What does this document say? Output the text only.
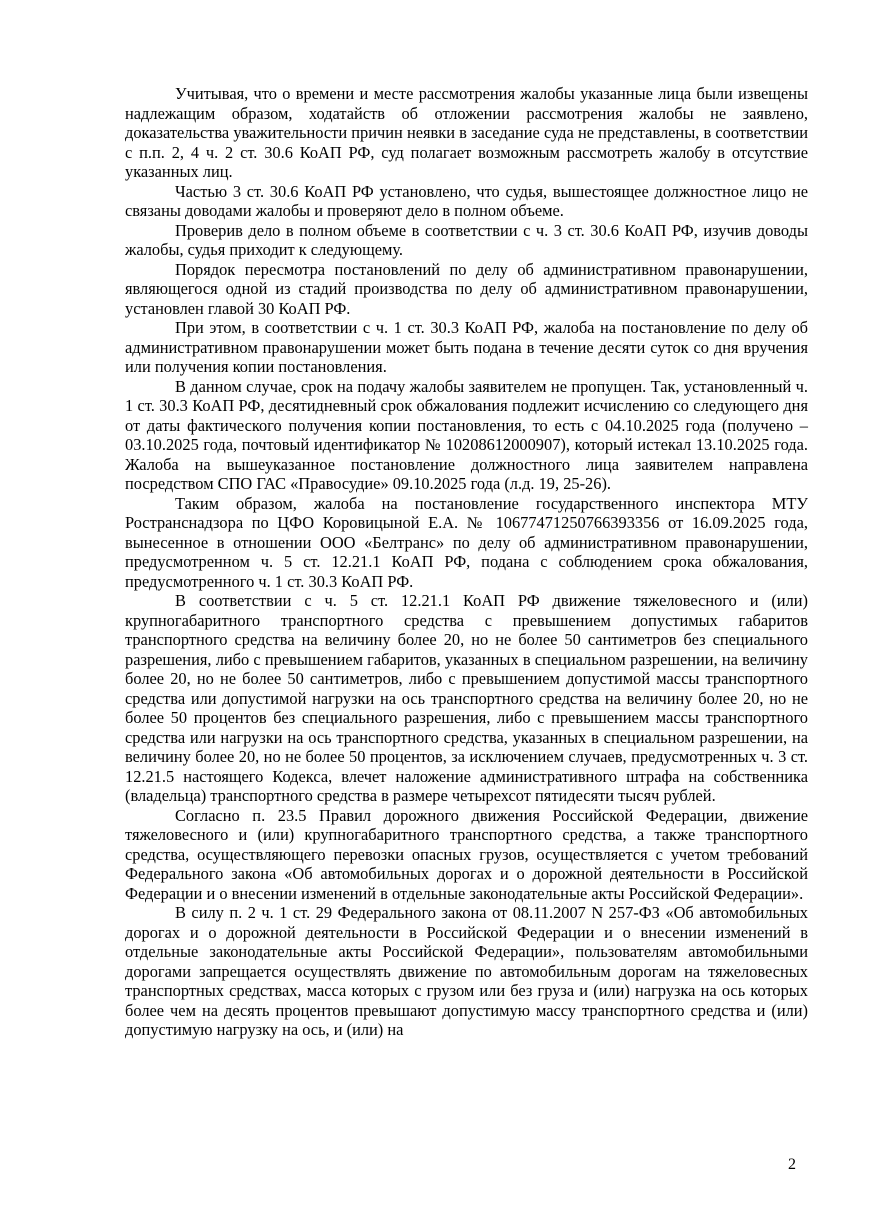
Учитывая, что о времени и месте рассмотрения жалобы указанные лица были извещены надлежащим образом, ходатайств об отложении рассмотрения жалобы не заявлено, доказательства уважительности причин неявки в заседание суда не представлены, в соответствии с п.п. 2, 4 ч. 2 ст. 30.6 КоАП РФ, суд полагает возможным рассмотреть жалобу в отсутствие указанных лиц.

Частью 3 ст. 30.6 КоАП РФ установлено, что судья, вышестоящее должностное лицо не связаны доводами жалобы и проверяют дело в полном объеме.

Проверив дело в полном объеме в соответствии с ч. 3 ст. 30.6 КоАП РФ, изучив доводы жалобы, судья приходит к следующему.

Порядок пересмотра постановлений по делу об административном правонарушении, являющегося одной из стадий производства по делу об административном правонарушении, установлен главой 30 КоАП РФ.

При этом, в соответствии с ч. 1 ст. 30.3 КоАП РФ, жалоба на постановление по делу об административном правонарушении может быть подана в течение десяти суток со дня вручения или получения копии постановления.

В данном случае, срок на подачу жалобы заявителем не пропущен. Так, установленный ч. 1 ст. 30.3 КоАП РФ, десятидневный срок обжалования подлежит исчислению со следующего дня от даты фактического получения копии постановления, то есть с 04.10.2025 года (получено – 03.10.2025 года, почтовый идентификатор № 10208612000907), который истекал 13.10.2025 года. Жалоба на вышеуказанное постановление должностного лица заявителем направлена посредством СПО ГАС «Правосудие» 09.10.2025 года (л.д. 19, 25-26).

Таким образом, жалоба на постановление государственного инспектора МТУ Ространснадзора по ЦФО Коровицыной Е.А. № 10677471250766393356 от 16.09.2025 года, вынесенное в отношении ООО «Белтранс» по делу об административном правонарушении, предусмотренном ч. 5 ст. 12.21.1 КоАП РФ, подана с соблюдением срока обжалования, предусмотренного ч. 1 ст. 30.3 КоАП РФ.

В соответствии с ч. 5 ст. 12.21.1 КоАП РФ движение тяжеловесного и (или) крупногабаритного транспортного средства с превышением допустимых габаритов транспортного средства на величину более 20, но не более 50 сантиметров без специального разрешения, либо с превышением габаритов, указанных в специальном разрешении, на величину более 20, но не более 50 сантиметров, либо с превышением допустимой массы транспортного средства или допустимой нагрузки на ось транспортного средства на величину более 20, но не более 50 процентов без специального разрешения, либо с превышением массы транспортного средства или нагрузки на ось транспортного средства, указанных в специальном разрешении, на величину более 20, но не более 50 процентов, за исключением случаев, предусмотренных ч. 3 ст. 12.21.5 настоящего Кодекса, влечет наложение административного штрафа на собственника (владельца) транспортного средства в размере четырехсот пятидесяти тысяч рублей.

Согласно п. 23.5 Правил дорожного движения Российской Федерации, движение тяжеловесного и (или) крупногабаритного транспортного средства, а также транспортного средства, осуществляющего перевозки опасных грузов, осуществляется с учетом требований Федерального закона «Об автомобильных дорогах и о дорожной деятельности в Российской Федерации и о внесении изменений в отдельные законодательные акты Российской Федерации».

В силу п. 2 ч. 1 ст. 29 Федерального закона от 08.11.2007 N 257-ФЗ «Об автомобильных дорогах и о дорожной деятельности в Российской Федерации и о внесении изменений в отдельные законодательные акты Российской Федерации», пользователям автомобильными дорогами запрещается осуществлять движение по автомобильным дорогам на тяжеловесных транспортных средствах, масса которых с грузом или без груза и (или) нагрузка на ось которых более чем на десять процентов превышают допустимую массу транспортного средства и (или) допустимую нагрузку на ось, и (или) на

2
